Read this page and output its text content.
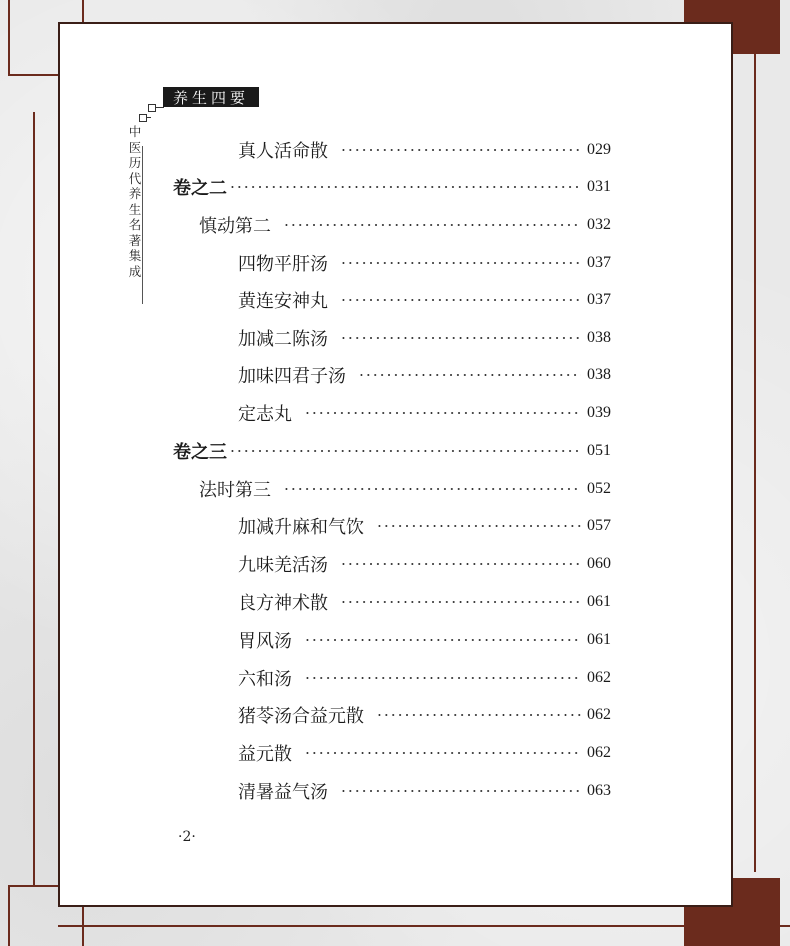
养生四要
中医历代养生名著集成
真人活命散	029
卷之二	031
慎动第二	032
四物平肝汤	037
黄连安神丸	037
加减二陈汤	038
加味四君子汤	038
定志丸	039
卷之三	051
法时第三	052
加减升麻和气饮	057
九味羌活汤	060
良方神术散	061
胃风汤	061
六和汤	062
猪苓汤合益元散	062
益元散	062
清暑益气汤	063
·2·
